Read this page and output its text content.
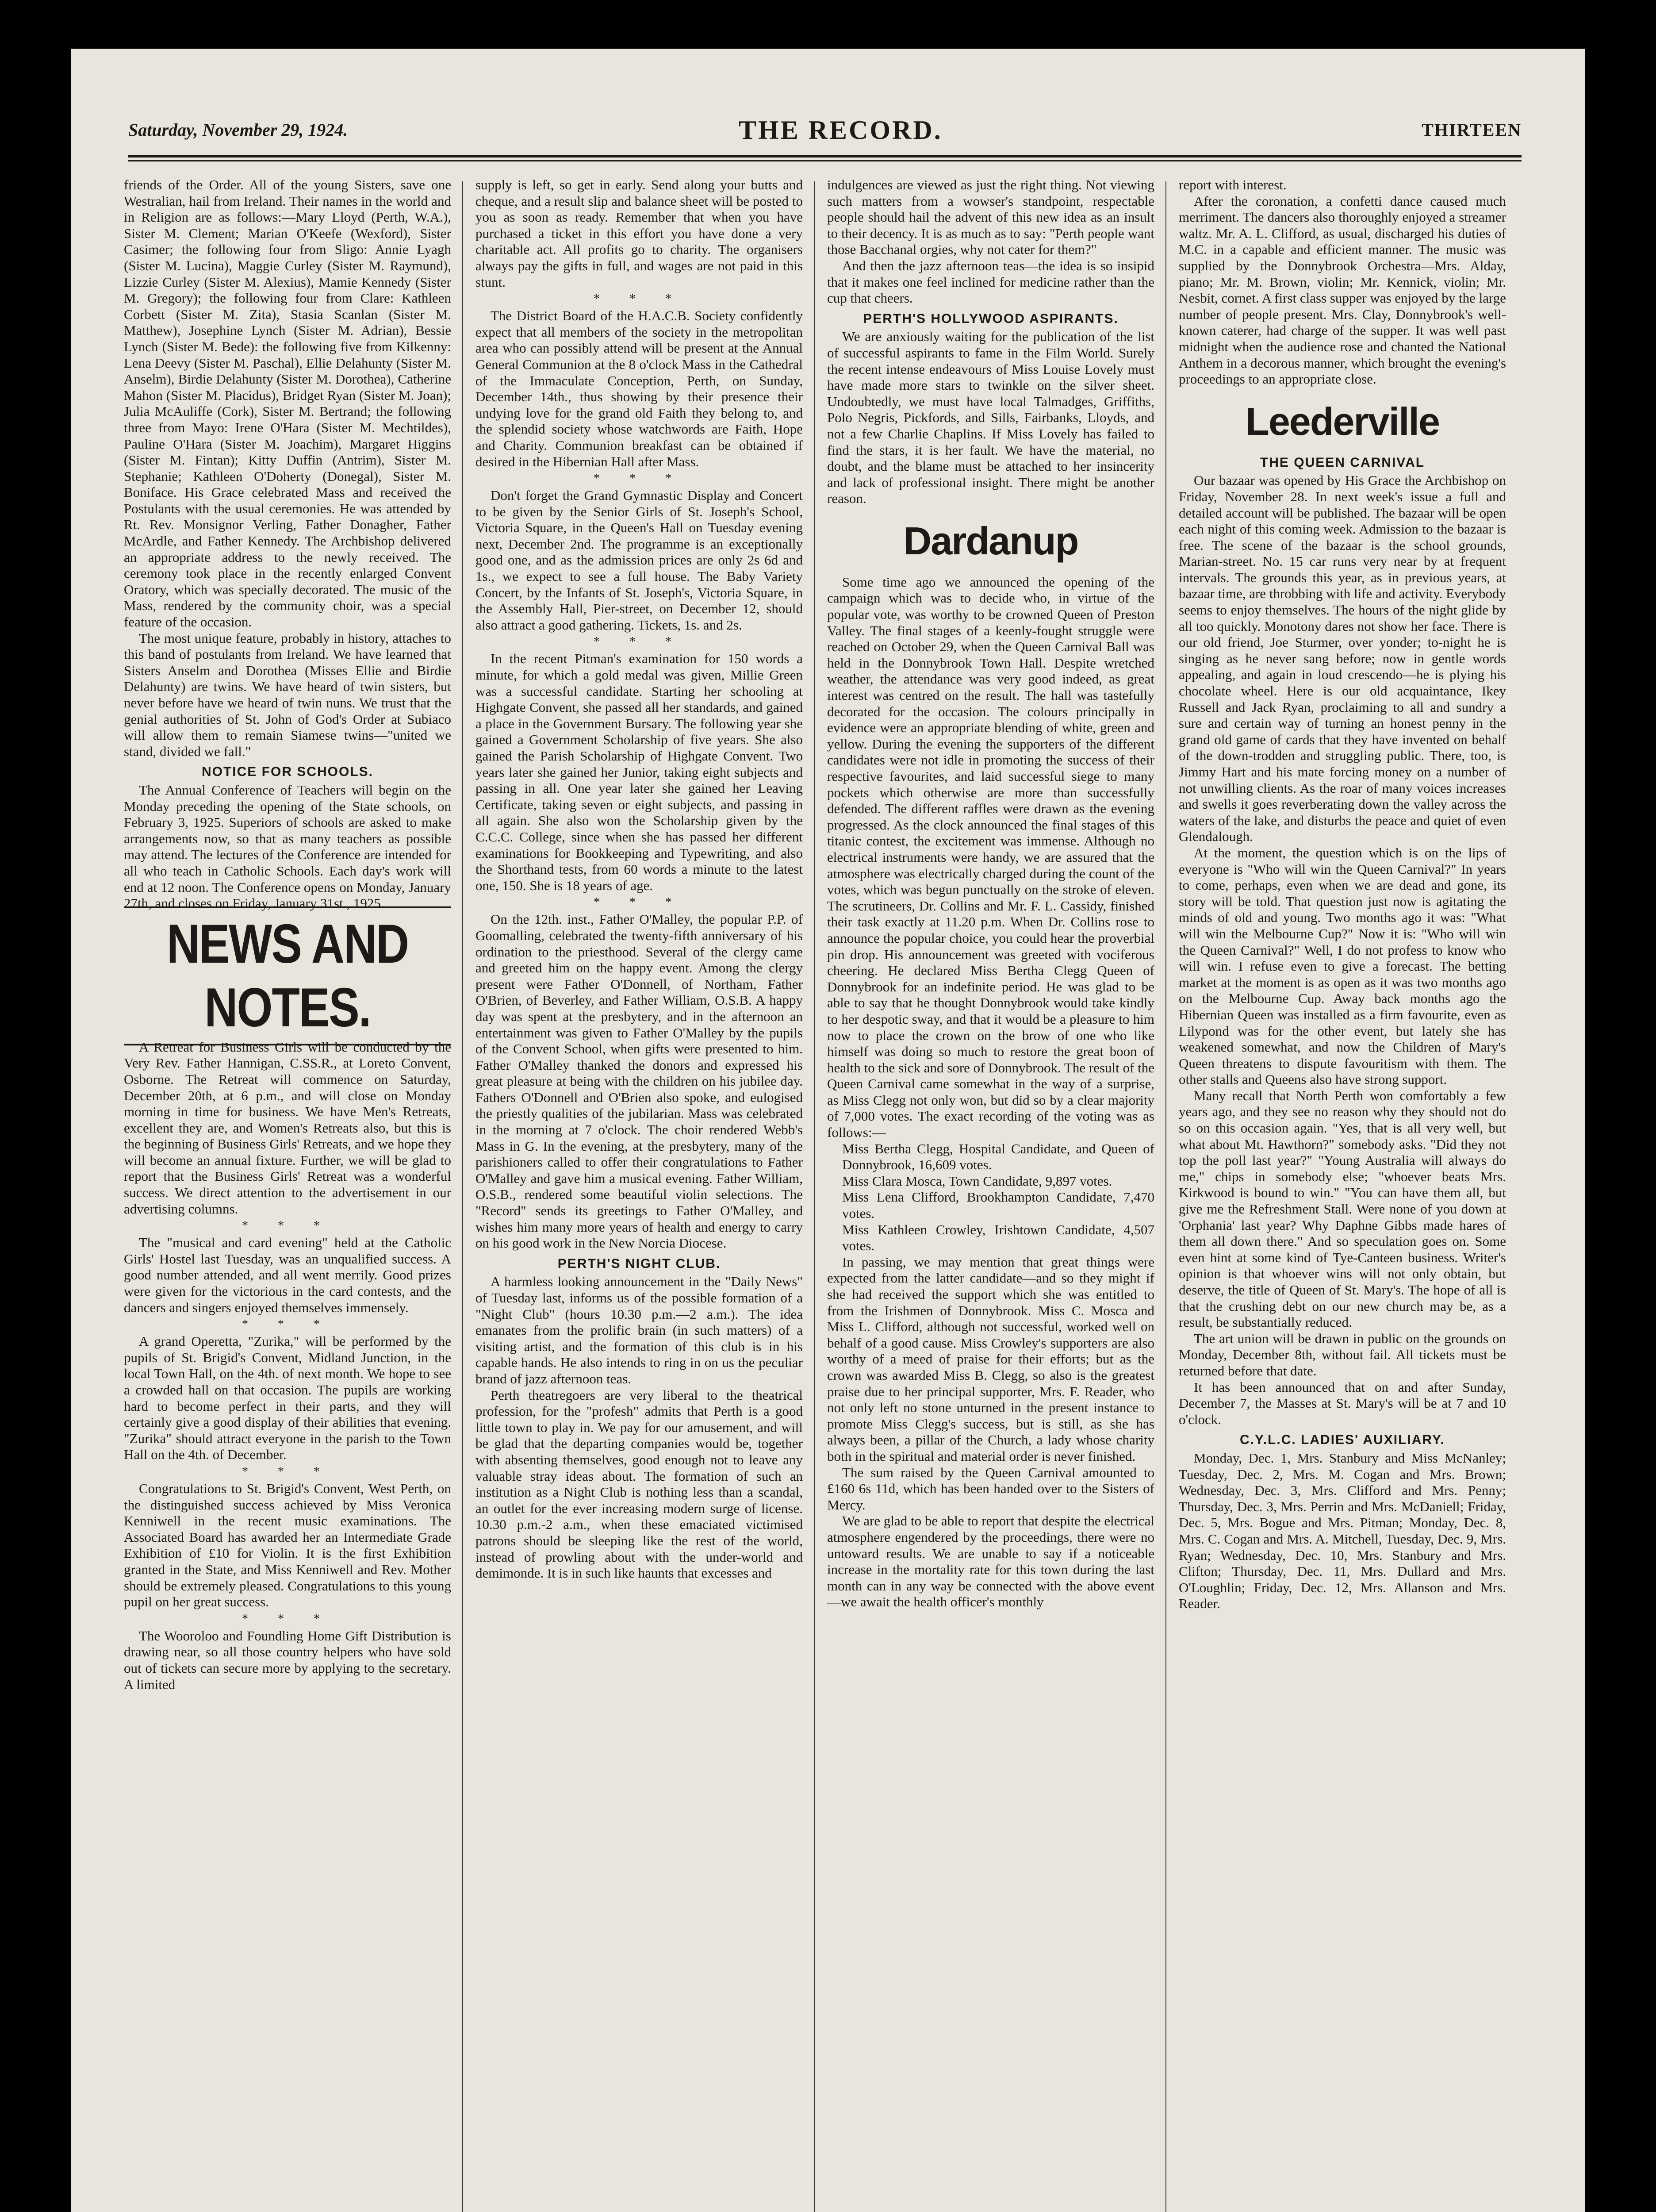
Saturday, November 29, 1924.	THE RECORD.	THIRTEEN

friends of the Order. All of the young Sisters, save one Westralian, hail from Ireland. Their names in the world and in Religion are as follows:—Mary Lloyd (Perth, W.A.), Sister M. Clement; Marian O'Keefe (Wexford), Sister Casimer; the following four from Sligo: Annie Lyagh (Sister M. Lucina), Maggie Curley (Sister M. Raymund), Lizzie Curley (Sister M. Alexius), Mamie Kennedy (Sister M. Gregory); the following four from Clare: Kathleen Corbett (Sister M. Zita), Stasia Scanlan (Sister M. Matthew), Josephine Lynch (Sister M. Adrian), Bessie Lynch (Sister M. Bede): the following five from Kilkenny: Lena Deevy (Sister M. Paschal), Ellie Delahunty (Sister M. Anselm), Birdie Delahunty (Sister M. Dorothea), Catherine Mahon (Sister M. Placidus), Bridget Ryan (Sister M. Joan); Julia McAuliffe (Cork), Sister M. Bertrand; the following three from Mayo: Irene O'Hara (Sister M. Mechtildes), Pauline O'Hara (Sister M. Joachim), Margaret Higgins (Sister M. Fintan); Kitty Duffin (Antrim), Sister M. Stephanie; Kathleen O'Doherty (Donegal), Sister M. Boniface. His Grace celebrated Mass and received the Postulants with the usual ceremonies. He was attended by Rt. Rev. Monsignor Verling, Father Donagher, Father McArdle, and Father Kennedy. The Archbishop delivered an appropriate address to the newly received. The ceremony took place in the recently enlarged Convent Oratory, which was specially decorated. The music of the Mass, rendered by the community choir, was a special feature of the occasion.

The most unique feature, probably in history, attaches to this band of postulants from Ireland. We have learned that Sisters Anselm and Dorothea (Misses Ellie and Birdie Delahunty) are twins. We have heard of twin sisters, but never before have we heard of twin nuns. We trust that the genial authorities of St. John of God's Order at Subiaco will allow them to remain Siamese twins—"united we stand, divided we fall."

NOTICE FOR SCHOOLS.

The Annual Conference of Teachers will begin on the Monday preceding the opening of the State schools, on February 3, 1925. Superiors of schools are asked to make arrangements now, so that as many teachers as possible may attend. The lectures of the Conference are intended for all who teach in Catholic Schools. Each day's work will end at 12 noon. The Conference opens on Monday, January 27th, and closes on Friday, January 31st., 1925.

NEWS AND NOTES.

A Retreat for Business Girls will be conducted by the Very Rev. Father Hannigan, C.SS.R., at Loreto Convent, Osborne. The Retreat will commence on Saturday, December 20th, at 6 p.m., and will close on Monday morning in time for business. We have Men's Retreats, excellent they are, and Women's Retreats also, but this is the beginning of Business Girls' Retreats, and we hope they will become an annual fixture. Further, we will be glad to report that the Business Girls' Retreat was a wonderful success. We direct attention to the advertisement in our advertising columns.

* * *

The "musical and card evening" held at the Catholic Girls' Hostel last Tuesday, was an unqualified success. A good number attended, and all went merrily. Good prizes were given for the victorious in the card contests, and the dancers and singers enjoyed themselves immensely.

* * *

A grand Operetta, "Zurika," will be performed by the pupils of St. Brigid's Convent, Midland Junction, in the local Town Hall, on the 4th. of next month. We hope to see a crowded hall on that occasion. The pupils are working hard to become perfect in their parts, and they will certainly give a good display of their abilities that evening. "Zurika" should attract everyone in the parish to the Town Hall on the 4th. of December.

* * *

Congratulations to St. Brigid's Convent, West Perth, on the distinguished success achieved by Miss Veronica Kenniwell in the recent music examinations. The Associated Board has awarded her an Intermediate Grade Exhibition of £10 for Violin. It is the first Exhibition granted in the State, and Miss Kenniwell and Rev. Mother should be extremely pleased. Congratulations to this young pupil on her great success.

* * *

The Wooroloo and Foundling Home Gift Distribution is drawing near, so all those country helpers who have sold out of tickets can secure more by applying to the secretary. A limited

supply is left, so get in early. Send along your butts and cheque, and a result slip and balance sheet will be posted to you as soon as ready. Remember that when you have purchased a ticket in this effort you have done a very charitable act. All profits go to charity. The organisers always pay the gifts in full, and wages are not paid in this stunt.

* * *

The District Board of the H.A.C.B. Society confidently expect that all members of the society in the metropolitan area who can possibly attend will be present at the Annual General Communion at the 8 o'clock Mass in the Cathedral of the Immaculate Conception, Perth, on Sunday, December 14th., thus showing by their presence their undying love for the grand old Faith they belong to, and the splendid society whose watchwords are Faith, Hope and Charity. Communion breakfast can be obtained if desired in the Hibernian Hall after Mass.

* * *

Don't forget the Grand Gymnastic Display and Concert to be given by the Senior Girls of St. Joseph's School, Victoria Square, in the Queen's Hall on Tuesday evening next, December 2nd. The programme is an exceptionally good one, and as the admission prices are only 2s 6d and 1s., we expect to see a full house. The Baby Variety Concert, by the Infants of St. Joseph's, Victoria Square, in the Assembly Hall, Pier-street, on December 12, should also attract a good gathering. Tickets, 1s. and 2s.

* * *

In the recent Pitman's examination for 150 words a minute, for which a gold medal was given, Millie Green was a successful candidate. Starting her schooling at Highgate Convent, she passed all her standards, and gained a place in the Government Bursary. The following year she gained a Government Scholarship of five years. She also gained the Parish Scholarship of Highgate Convent. Two years later she gained her Junior, taking eight subjects and passing in all. One year later she gained her Leaving Certificate, taking seven or eight subjects, and passing in all again. She also won the Scholarship given by the C.C.C. College, since when she has passed her different examinations for Bookkeeping and Typewriting, and also the Shorthand tests, from 60 words a minute to the latest one, 150. She is 18 years of age.

* * *

On the 12th. inst., Father O'Malley, the popular P.P. of Goomalling, celebrated the twenty-fifth anniversary of his ordination to the priesthood. Several of the clergy came and greeted him on the happy event. Among the clergy present were Father O'Donnell, of Northam, Father O'Brien, of Beverley, and Father William, O.S.B. A happy day was spent at the presbytery, and in the afternoon an entertainment was given to Father O'Malley by the pupils of the Convent School, when gifts were presented to him. Father O'Malley thanked the donors and expressed his great pleasure at being with the children on his jubilee day. Fathers O'Donnell and O'Brien also spoke, and eulogised the priestly qualities of the jubilarian. Mass was celebrated in the morning at 7 o'clock. The choir rendered Webb's Mass in G. In the evening, at the presbytery, many of the parishioners called to offer their congratulations to Father O'Malley and gave him a musical evening. Father William, O.S.B., rendered some beautiful violin selections. The "Record" sends its greetings to Father O'Malley, and wishes him many more years of health and energy to carry on his good work in the New Norcia Diocese.

PERTH'S NIGHT CLUB.

A harmless looking announcement in the "Daily News" of Tuesday last, informs us of the possible formation of a "Night Club" (hours 10.30 p.m.—2 a.m.). The idea emanates from the prolific brain (in such matters) of a visiting artist, and the formation of this club is in his capable hands. He also intends to ring in on us the peculiar brand of jazz afternoon teas.

Perth theatregoers are very liberal to the theatrical profession, for the "profesh" admits that Perth is a good little town to play in. We pay for our amusement, and will be glad that the departing companies would be, together with absenting themselves, good enough not to leave any valuable stray ideas about. The formation of such an institution as a Night Club is nothing less than a scandal, an outlet for the ever increasing modern surge of license. 10.30 p.m.-2 a.m., when these emaciated victimised patrons should be sleeping like the rest of the world, instead of prowling about with the under-world and demimonde. It is in such like haunts that excesses and

indulgences are viewed as just the right thing. Not viewing such matters from a wowser's standpoint, respectable people should hail the advent of this new idea as an insult to their decency. It is as much as to say: "Perth people want those Bacchanal orgies, why not cater for them?"

And then the jazz afternoon teas—the idea is so insipid that it makes one feel inclined for medicine rather than the cup that cheers.

PERTH'S HOLLYWOOD ASPIRANTS.

We are anxiously waiting for the publication of the list of successful aspirants to fame in the Film World. Surely the recent intense endeavours of Miss Louise Lovely must have made more stars to twinkle on the silver sheet. Undoubtedly, we must have local Talmadges, Griffiths, Polo Negris, Pickfords, and Sills, Fairbanks, Lloyds, and not a few Charlie Chaplins. If Miss Lovely has failed to find the stars, it is her fault. We have the material, no doubt, and the blame must be attached to her insincerity and lack of professional insight. There might be another reason.

Dardanup

Some time ago we announced the opening of the campaign which was to decide who, in virtue of the popular vote, was worthy to be crowned Queen of Preston Valley. The final stages of a keenly-fought struggle were reached on October 29, when the Queen Carnival Ball was held in the Donnybrook Town Hall. Despite wretched weather, the attendance was very good indeed, as great interest was centred on the result. The hall was tastefully decorated for the occasion. The colours principally in evidence were an appropriate blending of white, green and yellow. During the evening the supporters of the different candidates were not idle in promoting the success of their respective favourites, and laid successful siege to many pockets which otherwise are more than successfully defended. The different raffles were drawn as the evening progressed. As the clock announced the final stages of this titanic contest, the excitement was immense. Although no electrical instruments were handy, we are assured that the atmosphere was electrically charged during the count of the votes, which was begun punctually on the stroke of eleven. The scrutineers, Dr. Collins and Mr. F. L. Cassidy, finished their task exactly at 11.20 p.m. When Dr. Collins rose to announce the popular choice, you could hear the proverbial pin drop. His announcement was greeted with vociferous cheering. He declared Miss Bertha Clegg Queen of Donnybrook for an indefinite period. He was glad to be able to say that he thought Donnybrook would take kindly to her despotic sway, and that it would be a pleasure to him now to place the crown on the brow of one who like himself was doing so much to restore the great boon of health to the sick and sore of Donnybrook. The result of the Queen Carnival came somewhat in the way of a surprise, as Miss Clegg not only won, but did so by a clear majority of 7,000 votes. The exact recording of the voting was as follows:—

Miss Bertha Clegg, Hospital Candidate, and Queen of Donnybrook, 16,609 votes.

Miss Clara Mosca, Town Candidate, 9,897 votes.

Miss Lena Clifford, Brookhampton Candidate, 7,470 votes.

Miss Kathleen Crowley, Irishtown Candidate, 4,507 votes.

In passing, we may mention that great things were expected from the latter candidate—and so they might if she had received the support which she was entitled to from the Irishmen of Donnybrook. Miss C. Mosca and Miss L. Clifford, although not successful, worked well on behalf of a good cause. Miss Crowley's supporters are also worthy of a meed of praise for their efforts; but as the crown was awarded Miss B. Clegg, so also is the greatest praise due to her principal supporter, Mrs. F. Reader, who not only left no stone unturned in the present instance to promote Miss Clegg's success, but is still, as she has always been, a pillar of the Church, a lady whose charity both in the spiritual and material order is never finished.

The sum raised by the Queen Carnival amounted to £160 6s 11d, which has been handed over to the Sisters of Mercy.

We are glad to be able to report that despite the electrical atmosphere engendered by the proceedings, there were no untoward results. We are unable to say if a noticeable increase in the mortality rate for this town during the last month can in any way be connected with the above event—we await the health officer's monthly

report with interest.

After the coronation, a confetti dance caused much merriment. The dancers also thoroughly enjoyed a streamer waltz. Mr. A. L. Clifford, as usual, discharged his duties of M.C. in a capable and efficient manner. The music was supplied by the Donnybrook Orchestra—Mrs. Alday, piano; Mr. M. Brown, violin; Mr. Kennick, violin; Mr. Nesbit, cornet. A first class supper was enjoyed by the large number of people present. Mrs. Clay, Donnybrook's well-known caterer, had charge of the supper. It was well past midnight when the audience rose and chanted the National Anthem in a decorous manner, which brought the evening's proceedings to an appropriate close.

Leederville
THE QUEEN CARNIVAL

Our bazaar was opened by His Grace the Archbishop on Friday, November 28. In next week's issue a full and detailed account will be published. The bazaar will be open each night of this coming week. Admission to the bazaar is free. The scene of the bazaar is the school grounds, Marian-street. No. 15 car runs very near by at frequent intervals. The grounds this year, as in previous years, at bazaar time, are throbbing with life and activity. Everybody seems to enjoy themselves. The hours of the night glide by all too quickly. Monotony dares not show her face. There is our old friend, Joe Sturmer, over yonder; to-night he is singing as he never sang before; now in gentle words appealing, and again in loud crescendo—he is plying his chocolate wheel. Here is our old acquaintance, Ikey Russell and Jack Ryan, proclaiming to all and sundry a sure and certain way of turning an honest penny in the grand old game of cards that they have invented on behalf of the down-trodden and struggling public. There, too, is Jimmy Hart and his mate forcing money on a number of not unwilling clients. As the roar of many voices increases and swells it goes reverberating down the valley across the waters of the lake, and disturbs the peace and quiet of even Glendalough.

At the moment, the question which is on the lips of everyone is "Who will win the Queen Carnival?" In years to come, perhaps, even when we are dead and gone, its story will be told. That question just now is agitating the minds of old and young. Two months ago it was: "What will win the Melbourne Cup?" Now it is: "Who will win the Queen Carnival?" Well, I do not profess to know who will win. I refuse even to give a forecast. The betting market at the moment is as open as it was two months ago on the Melbourne Cup. Away back months ago the Hibernian Queen was installed as a firm favourite, even as Lilypond was for the other event, but lately she has weakened somewhat, and now the Children of Mary's Queen threatens to dispute favouritism with them. The other stalls and Queens also have strong support.

Many recall that North Perth won comfortably a few years ago, and they see no reason why they should not do so on this occasion again. "Yes, that is all very well, but what about Mt. Hawthorn?" somebody asks. "Did they not top the poll last year?" "Young Australia will always do me," chips in somebody else; "whoever beats Mrs. Kirkwood is bound to win." "You can have them all, but give me the Refreshment Stall. Were none of you down at 'Orphania' last year? Why Daphne Gibbs made hares of them all down there." And so speculation goes on. Some even hint at some kind of Tye-Canteen business. Writer's opinion is that whoever wins will not only obtain, but deserve, the title of Queen of St. Mary's. The hope of all is that the crushing debt on our new church may be, as a result, be substantially reduced.

The art union will be drawn in public on the grounds on Monday, December 8th, without fail. All tickets must be returned before that date.

It has been announced that on and after Sunday, December 7, the Masses at St. Mary's will be at 7 and 10 o'clock.

C.Y.L.C. LADIES' AUXILIARY.

Monday, Dec. 1, Mrs. Stanbury and Miss McNanley; Tuesday, Dec. 2, Mrs. M. Cogan and Mrs. Brown; Wednesday, Dec. 3, Mrs. Clifford and Mrs. Penny; Thursday, Dec. 3, Mrs. Perrin and Mrs. McDaniell; Friday, Dec. 5, Mrs. Bogue and Mrs. Pitman; Monday, Dec. 8, Mrs. C. Cogan and Mrs. A. Mitchell, Tuesday, Dec. 9, Mrs. Ryan; Wednesday, Dec. 10, Mrs. Stanbury and Mrs. Clifton; Thursday, Dec. 11, Mrs. Dullard and Mrs. O'Loughlin; Friday, Dec. 12, Mrs. Allanson and Mrs. Reader.
